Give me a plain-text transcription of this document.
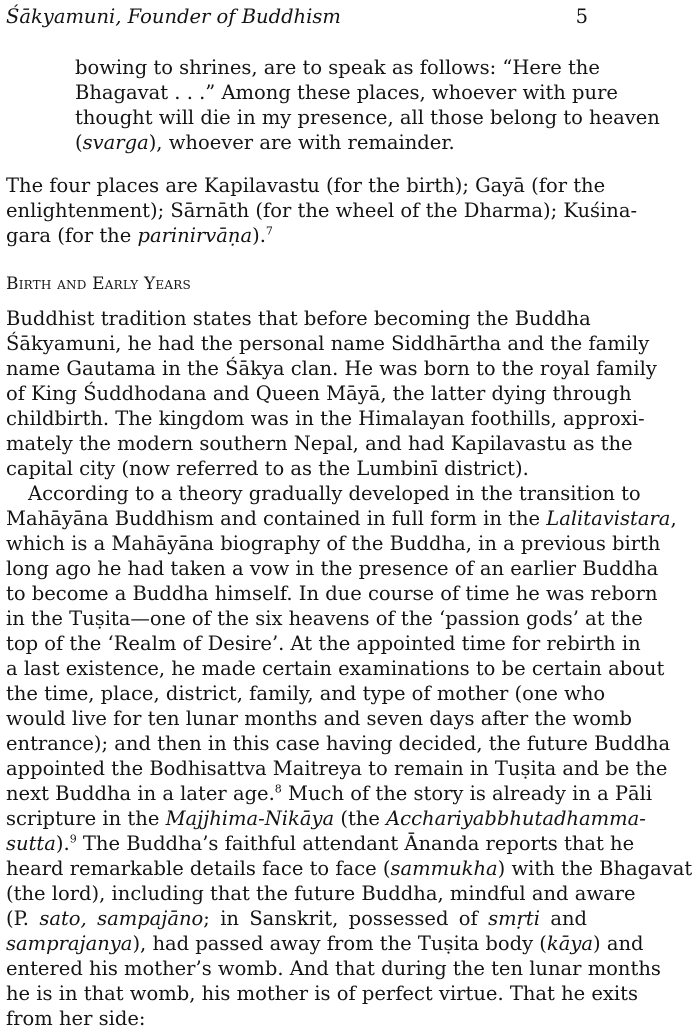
Śākyamuni, Founder of Buddhism	5
bowing to shrines, are to speak as follows: “Here the
Bhagavat . . .” Among these places, whoever with pure
thought will die in my presence, all those belong to heaven
(svarga), whoever are with remainder.
The four places are Kapilavastu (for the birth); Gayā (for the
enlightenment); Sārnāth (for the wheel of the Dharma); Kuśina-
gara (for the parinirvāṇa).$^7$
Birth and Early Years
Buddhist tradition states that before becoming the Buddha
Śākyamuni, he had the personal name Siddhārtha and the family
name Gautama in the Śākya clan. He was born to the royal family
of King Śuddhodana and Queen Māyā, the latter dying through
childbirth. The kingdom was in the Himalayan foothills, approxi-
mately the modern southern Nepal, and had Kapilavastu as the
capital city (now referred to as the Lumbinī district).
According to a theory gradually developed in the transition to
Mahāyāna Buddhism and contained in full form in the Lalitavistara,
which is a Mahāyāna biography of the Buddha, in a previous birth
long ago he had taken a vow in the presence of an earlier Buddha
to become a Buddha himself. In due course of time he was reborn
in the Tuṣita—one of the six heavens of the ‘passion gods’ at the
top of the ‘Realm of Desire’. At the appointed time for rebirth in
a last existence, he made certain examinations to be certain about
the time, place, district, family, and type of mother (one who
would live for ten lunar months and seven days after the womb
entrance); and then in this case having decided, the future Buddha
appointed the Bodhisattva Maitreya to remain in Tuṣita and be the
next Buddha in a later age.$^8$ Much of the story is already in a Pāli
scripture in the Majjhima-Nikāya (the Acchariyabbhutadhamma-
sutta).$^9$ The Buddha’s faithful attendant Ānanda reports that he
heard remarkable details face to face (sammukha) with the Bhagavat
(the lord), including that the future Buddha, mindful and aware
(P. sato, sampajāno; in Sanskrit, possessed of smṛti and
samprajanya), had passed away from the Tuṣita body (kāya) and
entered his mother’s womb. And that during the ten lunar months
he is in that womb, his mother is of perfect virtue. That he exits
from her side:
